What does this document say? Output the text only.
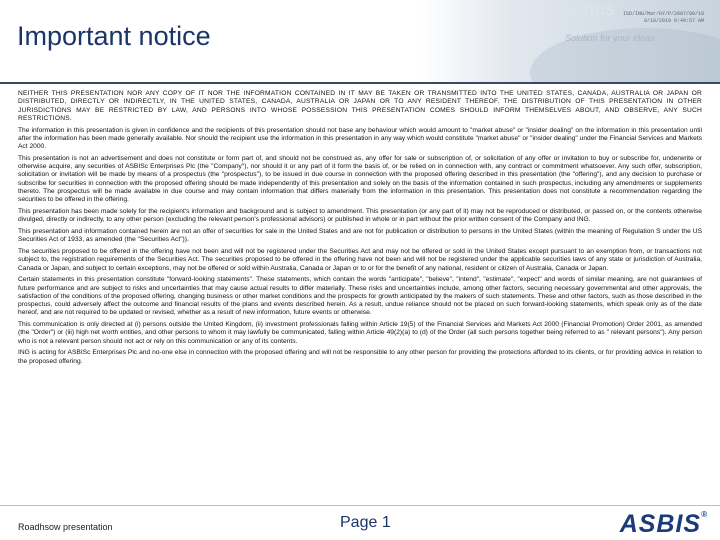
ASBIS
Solution for your ideas
ISD/ING/Mar/GY/P/2007/09/18
9/18/2019 9:49:57 AM
Important notice

NEITHER THIS PRESENTATION NOR ANY COPY OF IT NOR THE INFORMATION CONTAINED IN IT MAY BE TAKEN OR TRANSMITTED INTO THE UNITED STATES, CANADA, AUSTRALIA OR JAPAN OR DISTRIBUTED, DIRECTLY OR INDIRECTLY, IN THE UNITED STATES, CANADA, AUSTRALIA OR JAPAN OR TO ANY RESIDENT THEREOF. THE DISTRIBUTION OF THIS PRESENTATION IN OTHER JURISDICTIONS MAY BE RESTRICTED BY LAW, AND PERSONS INTO WHOSE POSSESSION THIS PRESENTATION COMES SHOULD INFORM THEMSELVES ABOUT, AND OBSERVE, ANY SUCH RESTRICTIONS.

The information in this presentation is given in confidence and the recipients of this presentation should not base any behaviour which would amount to "market abuse" or "insider dealing" on the information in this presentation until after the information has been made generally available. Nor should the recipient use the information in this presentation in any way which would constitute "market abuse" or "insider dealing" under the Financial Services and Markets Act 2000.

This presentation is not an advertisement and does not constitute or form part of, and should not be construed as, any offer for sale or subscription of, or solicitation of any offer or invitation to buy or subscribe for, underwrite or otherwise acquire, any securities of ASBISc Enterprises Plc (the "Company"), nor should it or any part of it form the basis of, or be relied on in connection with, any contract or commitment whatsoever. Any such offer, subscription, solicitation or invitation will be made by means of a prospectus (the "prospectus"), to be issued in due course in connection with the proposed offering described in this presentation (the "offering"), and any decision to purchase or subscribe for securities in connection with the proposed offering should be made independently of this presentation and solely on the basis of the information contained in such prospectus, including any amendments or supplements thereto. The prospectus will be made available in due course and may contain information that differs materially from the information in this presentation. This presentation does not constitute a recommendation regarding the securities to be offered in the offering.

This presentation has been made solely for the recipient's information and background and is subject to amendment. This presentation (or any part of it) may not be reproduced or distributed, or passed on, or the contents otherwise divulged, directly or indirectly, to any other person (excluding the relevant person's professional advisors) or published in whole or in part without the prior written consent of the Company and ING.

This presentation and information contained herein are not an offer of securities for sale in the United States and are not for publication or distribution to persons in the United States (within the meaning of Regulation S under the US Securities Act of 1933, as amended (the "Securities Act")).

The securities proposed to be offered in the offering have not been and will not be registered under the Securities Act and may not be offered or sold in the United States except pursuant to an exemption from, or transactions not subject to, the registration requirements of the Securities Act. The securities proposed to be offered in the offering have not been and will not be registered under the applicable securities laws of any state or jurisdiction of Australia, Canada or Japan, and subject to certain exceptions, may not be offered or sold within Australia, Canada or Japan or to or for the benefit of any national, resident or citizen of Australia, Canada or Japan.

Certain statements in this presentation constitute "forward-looking statements". These statements, which contain the words "anticipate", "believe", "intend", "estimate", "expect" and words of similar meaning, are not guarantees of future performance and are subject to risks and uncertainties that may cause actual results to differ materially. These risks and uncertainties include, among other factors, securing necessary governmental and other approvals, the satisfaction of the conditions of the proposed offering, changing business or other market conditions and the prospects for growth anticipated by the makers of such statements. These and other factors, such as those described in the prospectus, could adversely affect the outcome and financial results of the plans and events described herein. As a result, undue reliance should not be placed on such forward-looking statements, which speak only as of the date hereof, and are not required to be updated or revised, whether as a result of new information, future events or otherwise.

This communication is only directed at (i) persons outside the United Kingdom, (ii) investment professionals falling within Article 19(5) of the Financial Services and Markets Act 2000 (Financial Promotion) Order 2001, as amended (the "Order") or (iii) high net worth entities, and other persons to whom it may lawfully be communicated, falling within Article 49(2)(a) to (d) of the Order (all such persons together being referred to as " relevant persons"). Any person who is not a relevant person should not act or rely on this communication or any of its contents.

ING is acting for ASBISc Enterprises Plc and no-one else in connection with the proposed offering and will not be responsible to any other person for providing the protections afforded to its clients, or for providing advice in relation to the proposed offering.

Roadhsow presentation	Page 1	ASBIS®
